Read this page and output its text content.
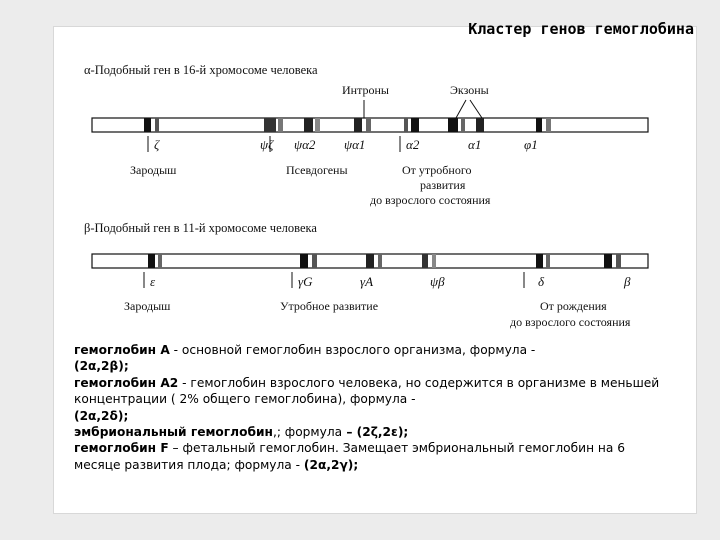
Кластер генов гемоглобина
α-Подобный ген в 16-й хромосоме человека
Интроны	Экзоны
ζ	ψζ ψα2 ψα1	α2	α1	φ1
Зародыш	Псевдогены	От утробного
развития
до взрослого состояния
β-Подобный ген в 11-й хромосоме человека
ε	γG	γA	ψβ	δ	β
Зародыш	Утробное развитие	От рождения
до взрослого состояния

гемоглобин А - основной гемоглобин взрослого организма, формула -
(2α,2β);

гемоглобин А2 - гемоглобин взрослого человека, но содержится в организме в меньшей концентрации ( 2% общего гемоглобина), формула -
(2α,2δ);

эмбриональный гемоглобин,; формула – (2ζ,2ε);

гемоглобин F – фетальный гемоглобин. Замещает эмбриональный гемоглобин на 6 месяце развития плода; формула - (2α,2γ);
